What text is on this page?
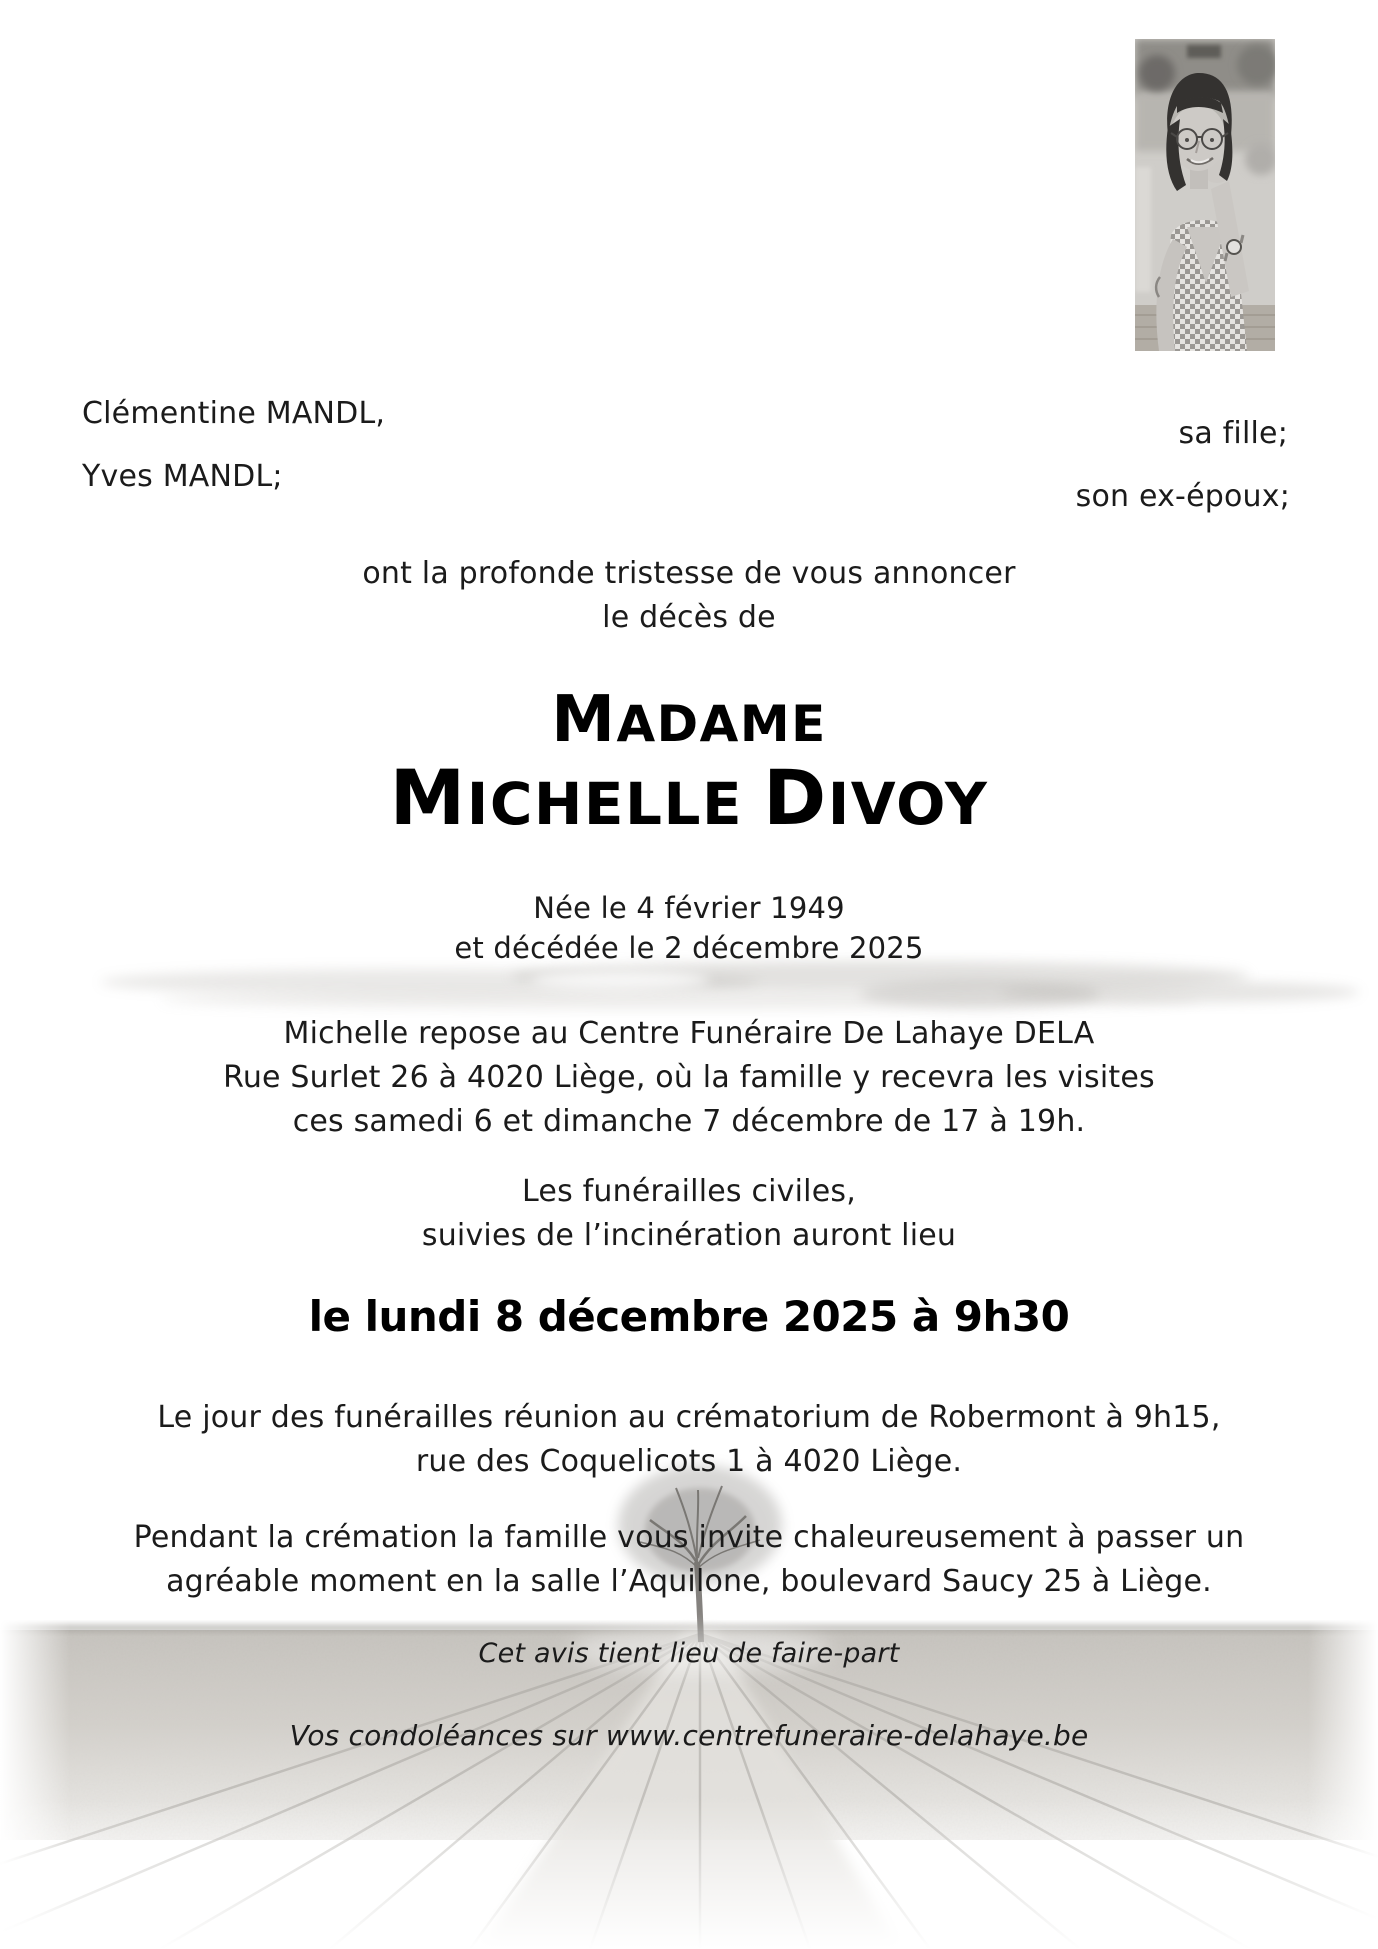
Clémentine MANDL,
sa fille;
Yves MANDL;
son ex-époux;
ont la profonde tristesse de vous annoncer
le décès de
MADAME
MICHELLE DIVOY
Née le 4 février 1949
et décédée le 2 décembre 2025
Michelle repose au Centre Funéraire De Lahaye DELA
Rue Surlet 26 à 4020 Liège, où la famille y recevra les visites
ces samedi 6 et dimanche 7 décembre de 17 à 19h.
Les funérailles civiles,
suivies de l’incinération auront lieu
le lundi 8 décembre 2025 à 9h30
Le jour des funérailles réunion au crématorium de Robermont à 9h15,
rue des Coquelicots 1 à 4020 Liège.
Pendant la crémation la famille vous invite chaleureusement à passer un
agréable moment en la salle l’Aquilone, boulevard Saucy 25 à Liège.
Cet avis tient lieu de faire-part
Vos condoléances sur www.centrefuneraire-delahaye.be
